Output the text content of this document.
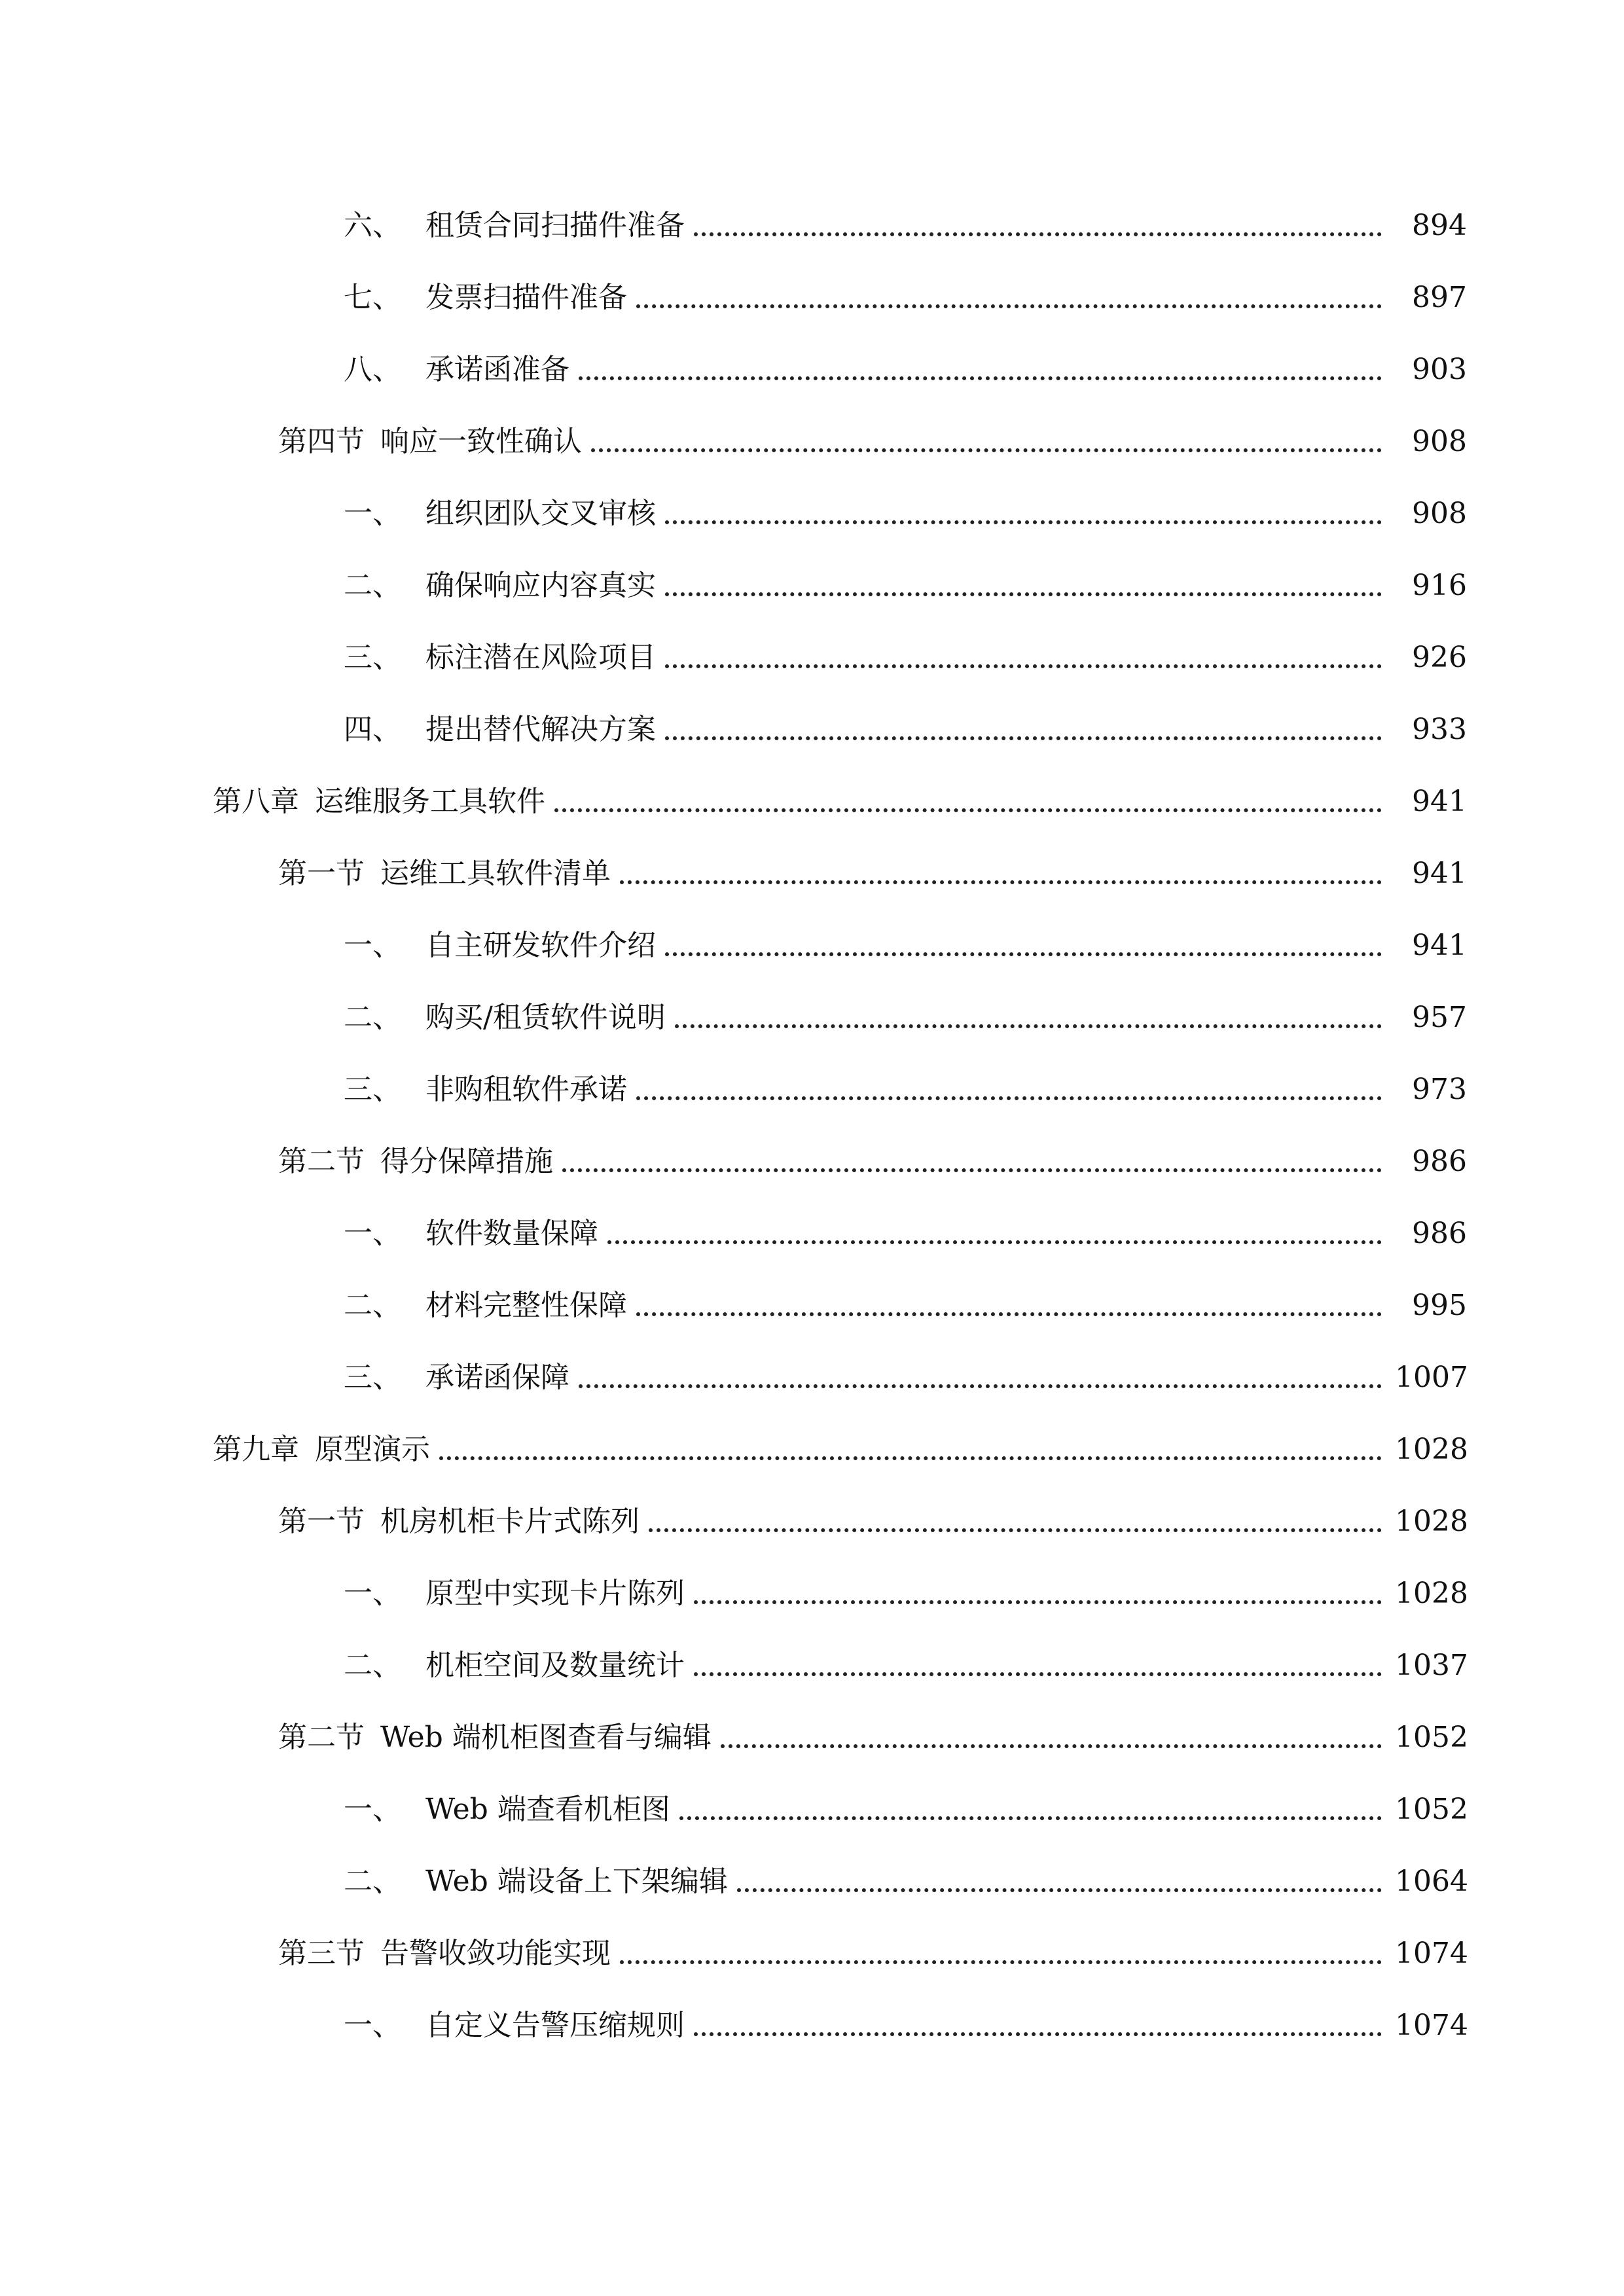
六、 租赁合同扫描件准备	894
七、 发票扫描件准备	897
八、 承诺函准备	903
第四节 响应一致性确认	908
一、 组织团队交叉审核	908
二、 确保响应内容真实	916
三、 标注潜在风险项目	926
四、 提出替代解决方案	933
第八章 运维服务工具软件	941
第一节 运维工具软件清单	941
一、 自主研发软件介绍	941
二、 购买/租赁软件说明	957
三、 非购租软件承诺	973
第二节 得分保障措施	986
一、 软件数量保障	986
二、 材料完整性保障	995
三、 承诺函保障	1007
第九章 原型演示	1028
第一节 机房机柜卡片式陈列	1028
一、 原型中实现卡片陈列	1028
二、 机柜空间及数量统计	1037
第二节 Web 端机柜图查看与编辑	1052
一、 Web 端查看机柜图	1052
二、 Web 端设备上下架编辑	1064
第三节 告警收敛功能实现	1074
一、 自定义告警压缩规则	1074
